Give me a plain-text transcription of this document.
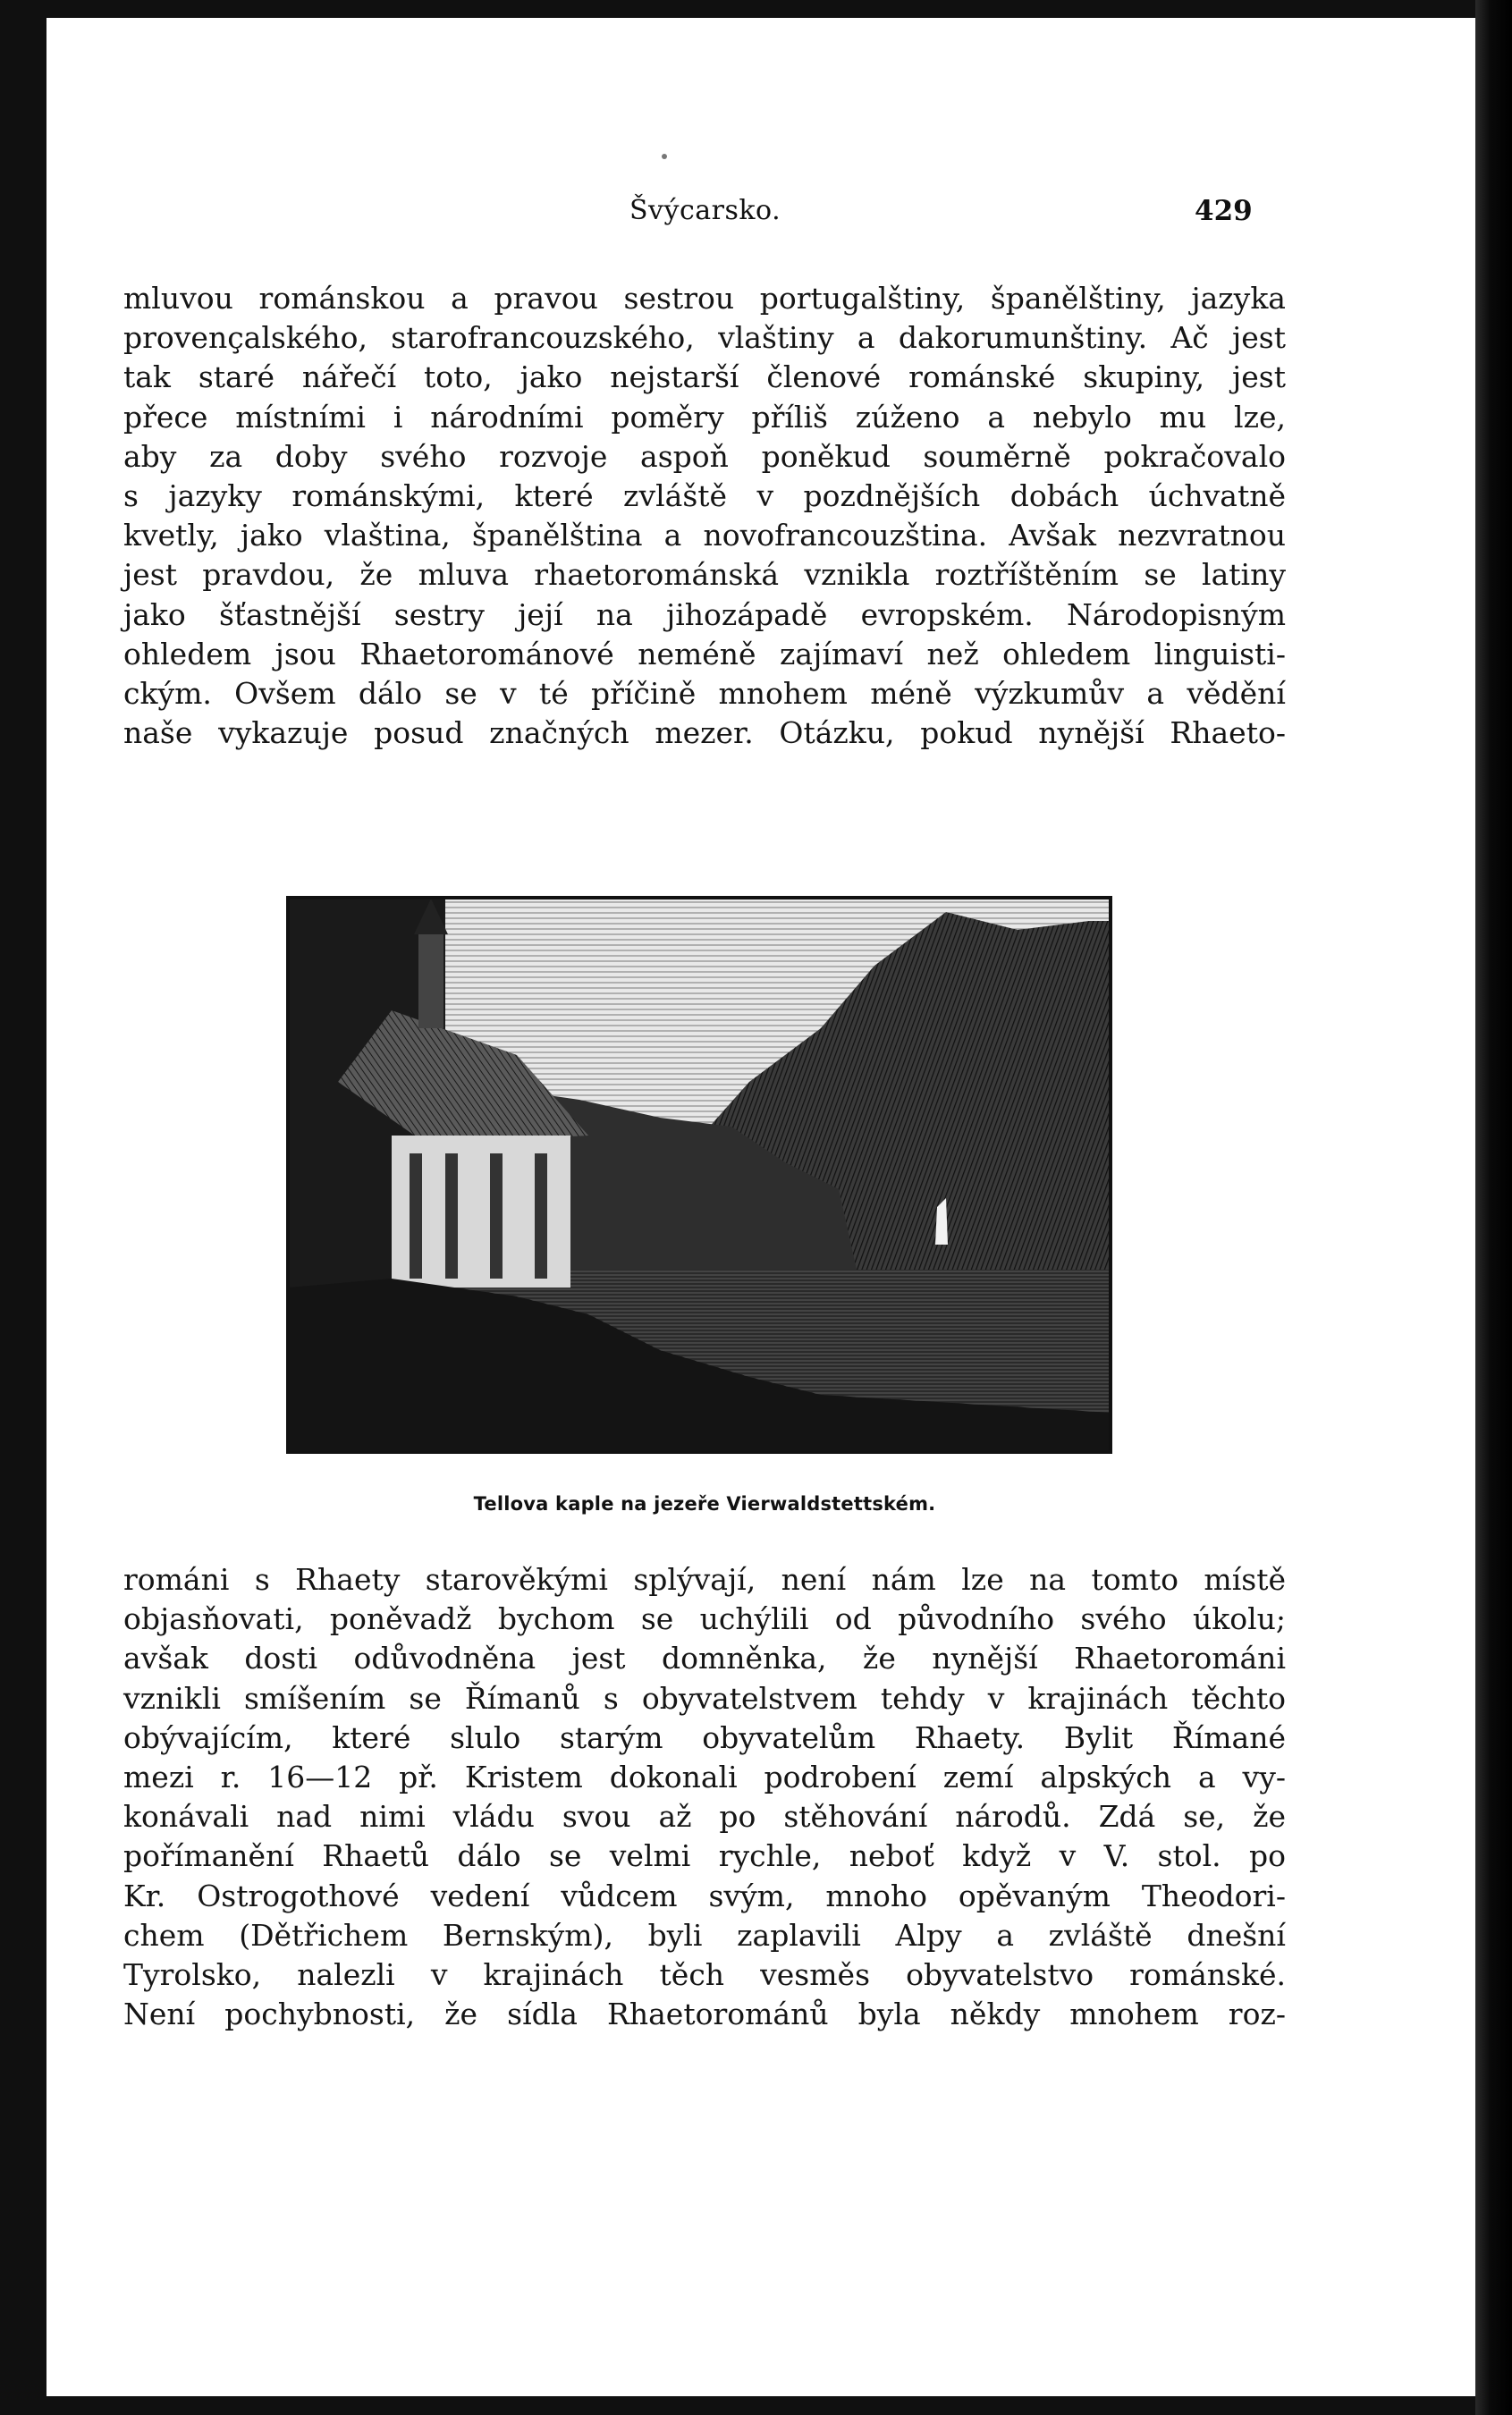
Švýcarsko.	429
mluvou románskou a pravou sestrou portugalštiny, španělštiny, jazyka
provençalského, starofrancouzského, vlaštiny a dakorumunštiny. Ač jest
tak staré nářečí toto, jako nejstarší členové románské skupiny, jest
přece místními i národními poměry příliš zúženo a nebylo mu lze,
aby za doby svého rozvoje aspoň poněkud souměrně pokračovalo
s jazyky románskými, které zvláště v pozdnějších dobách úchvatně
kvetly, jako vlaština, španělština a novofrancouzština. Avšak nezvratnou
jest pravdou, že mluva rhaetorománská vznikla roztříštěním se latiny
jako šťastnější sestry její na jihozápadě evropském. Národopisným
ohledem jsou Rhaetorománové neméně zajímaví než ohledem linguisti-
ckým. Ovšem dálo se v té příčině mnohem méně výzkumův a vědění
naše vykazuje posud značných mezer. Otázku, pokud nynější Rhaeto-
Tellova kaple na jezeře Vierwaldstettském.
románi s Rhaety starověkými splývají, není nám lze na tomto místě
objasňovati, poněvadž bychom se uchýlili od původního svého úkolu;
avšak dosti odůvodněna jest domněnka, že nynější Rhaetorománi
vznikli smíšením se Římanů s obyvatelstvem tehdy v krajinách těchto
obývajícím, které slulo starým obyvatelům Rhaety. Bylit Římané
mezi r. 16—12 př. Kristem dokonali podrobení zemí alpských a vy-
konávali nad nimi vládu svou až po stěhování národů. Zdá se, že
pořímanění Rhaetů dálo se velmi rychle, neboť když v V. stol. po
Kr. Ostrogothové vedení vůdcem svým, mnoho opěvaným Theodori-
chem (Dětřichem Bernským), byli zaplavili Alpy a zvláště dnešní
Tyrolsko, nalezli v krajinách těch vesměs obyvatelstvo románské.
Není pochybnosti, že sídla Rhaetorománů byla někdy mnohem roz-
